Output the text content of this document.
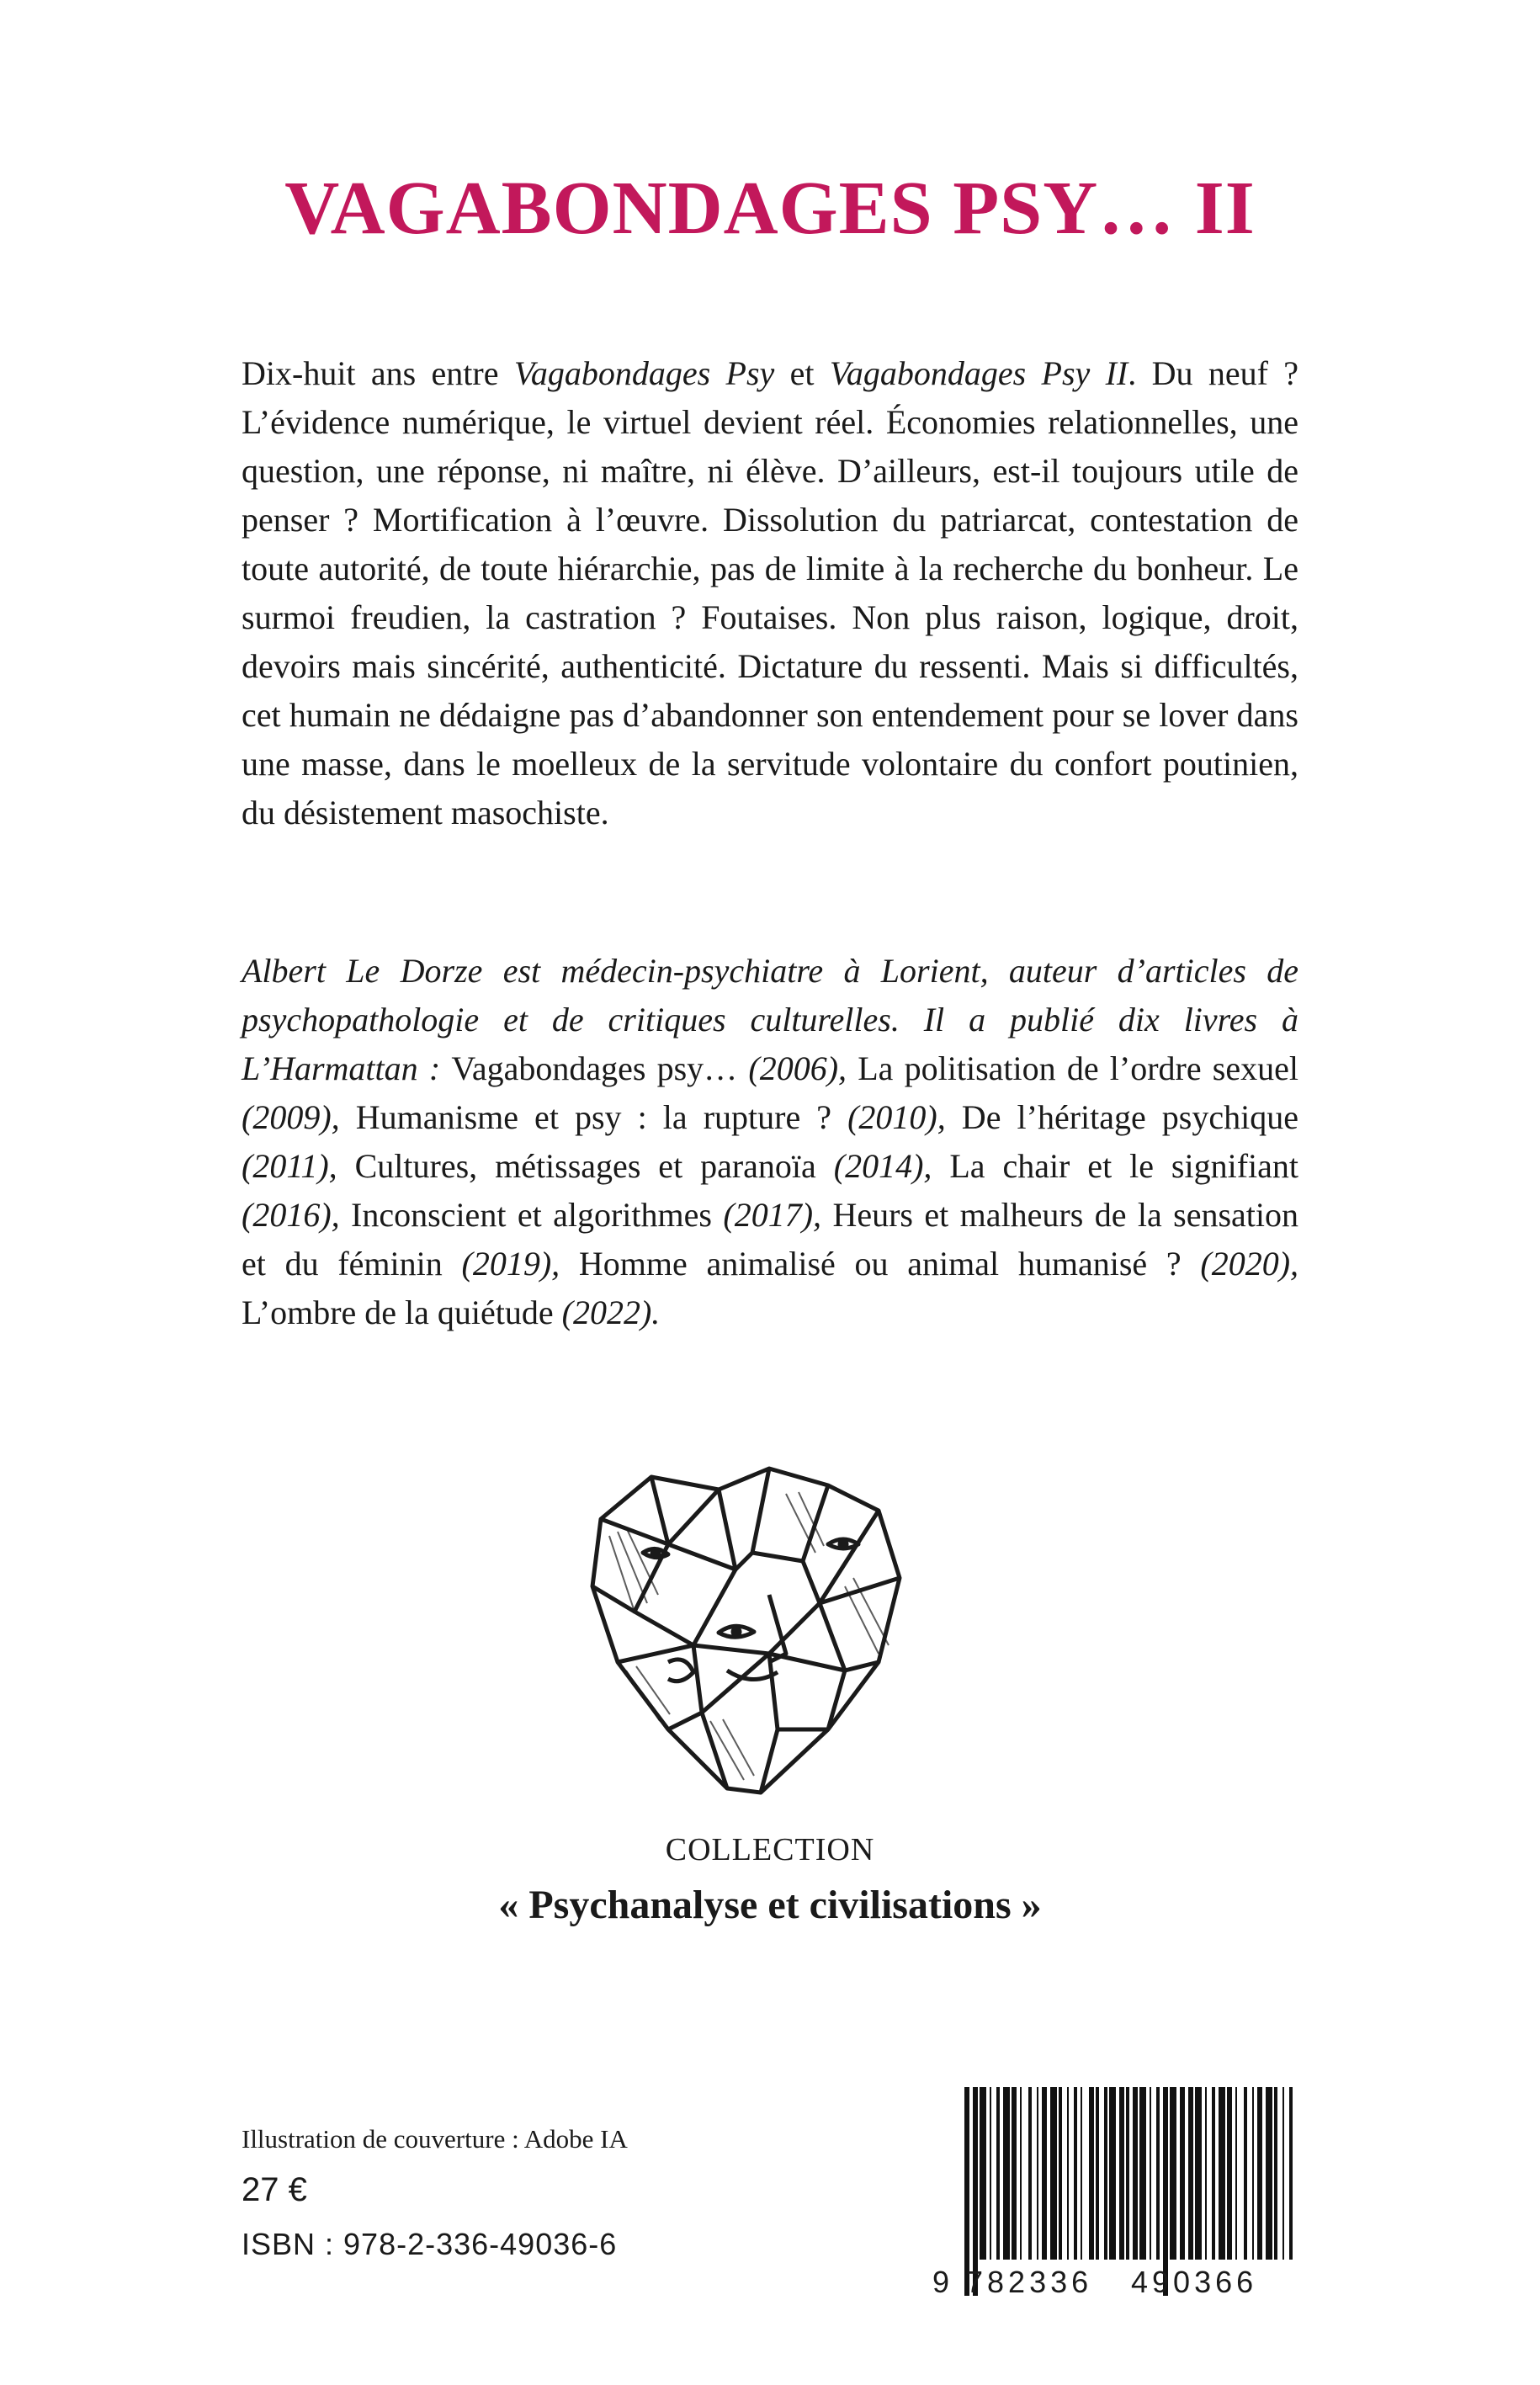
VAGABONDAGES PSY… II

Dix-huit ans entre Vagabondages Psy et Vagabondages Psy II. Du neuf ? L’évidence numérique, le virtuel devient réel. Économies relationnelles, une question, une réponse, ni maître, ni élève. D’ailleurs, est-il toujours utile de penser ? Mortification à l’œuvre. Dissolution du patriarcat, contestation de toute autorité, de toute hiérarchie, pas de limite à la recherche du bonheur. Le surmoi freudien, la castration ? Foutaises. Non plus raison, logique, droit, devoirs mais sincérité, authenticité. Dictature du ressenti. Mais si difficultés, cet humain ne dédaigne pas d’abandonner son entendement pour se lover dans une masse, dans le moelleux de la servitude volontaire du confort poutinien, du désistement masochiste.

Albert Le Dorze est médecin-psychiatre à Lorient, auteur d’articles de psychopathologie et de critiques culturelles. Il a publié dix livres à L’Harmattan : Vagabondages psy… (2006), La politisation de l’ordre sexuel (2009), Humanisme et psy : la rupture ? (2010), De l’héritage psychique (2011), Cultures, métissages et paranoïa (2014), La chair et le signifiant (2016), Inconscient et algorithmes (2017), Heurs et malheurs de la sensation et du féminin (2019), Homme animalisé ou animal humanisé ? (2020), L’ombre de la quiétude (2022).

COLLECTION
« Psychanalyse et civilisations »
Illustration de couverture : Adobe IA
27 €
ISBN : 978-2-336-49036-6
9 782336 490366
